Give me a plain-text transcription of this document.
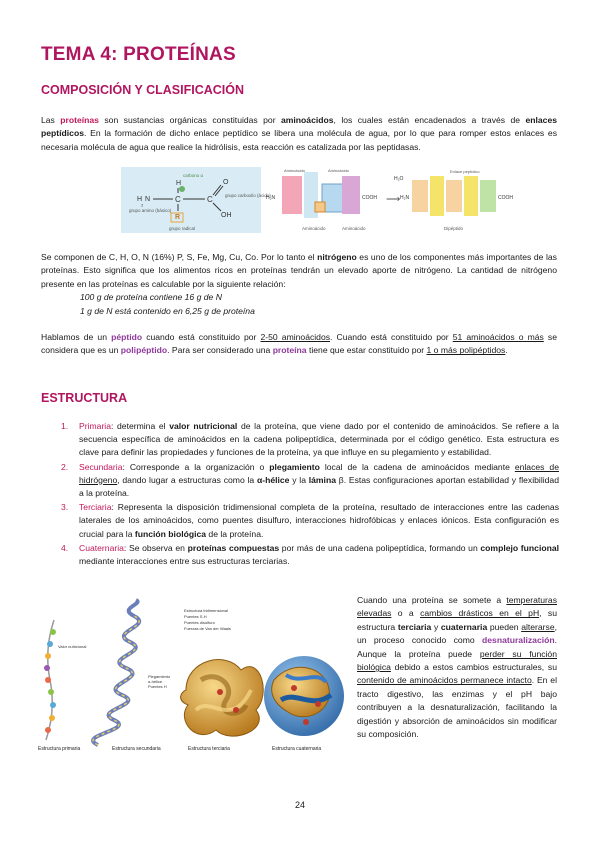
TEMA 4: PROTEÍNAS
COMPOSICIÓN Y CLASIFICACIÓN
Las proteínas son sustancias orgánicas constituidas por aminoácidos, los cuales están encadenados a través de enlaces peptídicos. En la formación de dicho enlace peptídico se libera una molécula de agua, por lo que para romper estos enlaces es necesaria molécula de agua que realice la hidrólisis, esta reacción es catalizada por las peptidasas.
H
₂
N	C	C
O
OH
H
R
carbono α
grupo amino (básico)
grupo carboxilo (ácido)
grupo radical
H₂N	COOH
Aminoácido	Aminoácido
⟶ H₂N	COOH
H₂O
Enlace peptídico
Aminoácido	Aminoácido	Dipéptido
Se componen de C, H, O, N (16%) P, S, Fe, Mg, Cu, Co. Por lo tanto el nitrógeno es uno de los componentes más importantes de las proteínas. Esto significa que los alimentos ricos en proteínas tendrán un elevado aporte de nitrógeno. La cantidad de nitrógeno presente en las proteínas es calculable por la siguiente relación:
100 g de proteína contiene 16 g de N
1 g de N está contenido en 6,25 g de proteína
Hablamos de un péptido cuando está constituido por 2-50 aminoácidos. Cuando está constituido por 51 aminoácidos o más se considera que es un polipéptido. Para ser considerado una proteína tiene que estar constituido por 1 o más polipéptidos.
ESTRUCTURA
1. Primaria: determina el valor nutricional de la proteína, que viene dado por el contenido de aminoácidos. Se refiere a la secuencia específica de aminoácidos en la cadena polipeptídica, determinada por el código genético. Esta estructura es clave para definir las propiedades y funciones de la proteína, ya que influye en su plegamiento y estabilidad.
2. Secundaria: Corresponde a la organización o plegamiento local de la cadena de aminoácidos mediante enlaces de hidrógeno, dando lugar a estructuras como la α-hélice y la lámina β. Estas configuraciones aportan estabilidad y flexibilidad a la proteína.
3. Terciaria: Representa la disposición tridimensional completa de la proteína, resultado de interacciones entre las cadenas laterales de los aminoácidos, como puentes disulfuro, interacciones hidrofóbicas y enlaces iónicos. Esta configuración es crucial para la función biológica de la proteína.
4. Cuaternaria: Se observa en proteínas compuestas por más de una cadena polipeptídica, formando un complejo funcional mediante interacciones entre sus estructuras terciarias.
Valor nutricional
Plegamiento
α-hélice
Puentes H
Estructura tridimensional
Puentes S-H
Puentes disulfuro
Fuerzas de Van der Waals
Estructura primaria	Estructura secundaria	Estructura terciaria	Estructura cuaternaria
Cuando una proteína se somete a temperaturas elevadas o a cambios drásticos en el pH, su estructura terciaria y cuaternaria pueden alterarse, un proceso conocido como desnaturalización. Aunque la proteína puede perder su función biológica debido a estos cambios estructurales, su contenido de aminoácidos permanece intacto. En el tracto digestivo, las enzimas y el pH bajo contribuyen a la desnaturalización, facilitando la digestión y absorción de aminoácidos sin modificar su composición.
24
